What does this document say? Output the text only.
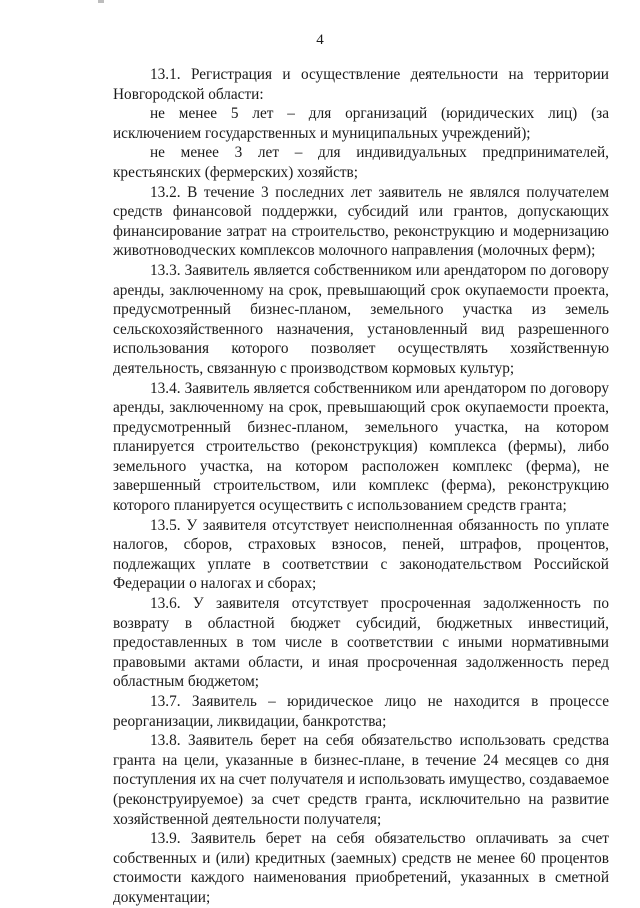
4

13.1. Регистрация и осуществление деятельности на территории Новгородской области:

не менее 5 лет – для организаций (юридических лиц) (за исключением государственных и муниципальных учреждений);

не менее 3 лет – для индивидуальных предпринимателей, крестьянских (фермерских) хозяйств;

13.2. В течение 3 последних лет заявитель не являлся получателем средств финансовой поддержки, субсидий или грантов, допускающих финансирование затрат на строительство, реконструкцию и модернизацию животноводческих комплексов молочного направления (молочных ферм);

13.3. Заявитель является собственником или арендатором по договору аренды, заключенному на срок, превышающий срок окупаемости проекта, предусмотренный бизнес-планом, земельного участка из земель сельскохозяйственного назначения, установленный вид разрешенного использования которого позволяет осуществлять хозяйственную деятельность, связанную с производством кормовых культур;

13.4. Заявитель является собственником или арендатором по договору аренды, заключенному на срок, превышающий срок окупаемости проекта, предусмотренный бизнес-планом, земельного участка, на котором планируется строительство (реконструкция) комплекса (фермы), либо земельного участка, на котором расположен комплекс (ферма), не завершенный строительством, или комплекс (ферма), реконструкцию которого планируется осуществить с использованием средств гранта;

13.5. У заявителя отсутствует неисполненная обязанность по уплате налогов, сборов, страховых взносов, пеней, штрафов, процентов, подлежащих уплате в соответствии с законодательством Российской Федерации о налогах и сборах;

13.6. У заявителя отсутствует просроченная задолженность по возврату в областной бюджет субсидий, бюджетных инвестиций, предоставленных в том числе в соответствии с иными нормативными правовыми актами области, и иная просроченная задолженность перед областным бюджетом;

13.7. Заявитель – юридическое лицо не находится в процессе реорганизации, ликвидации, банкротства;

13.8. Заявитель берет на себя обязательство использовать средства гранта на цели, указанные в бизнес-плане, в течение 24 месяцев со дня поступления их на счет получателя и использовать имущество, создаваемое (реконструируемое) за счет средств гранта, исключительно на развитие хозяйственной деятельности получателя;

13.9. Заявитель берет на себя обязательство оплачивать за счет собственных и (или) кредитных (заемных) средств не менее 60 процентов стоимости каждого наименования приобретений, указанных в сметной документации;
